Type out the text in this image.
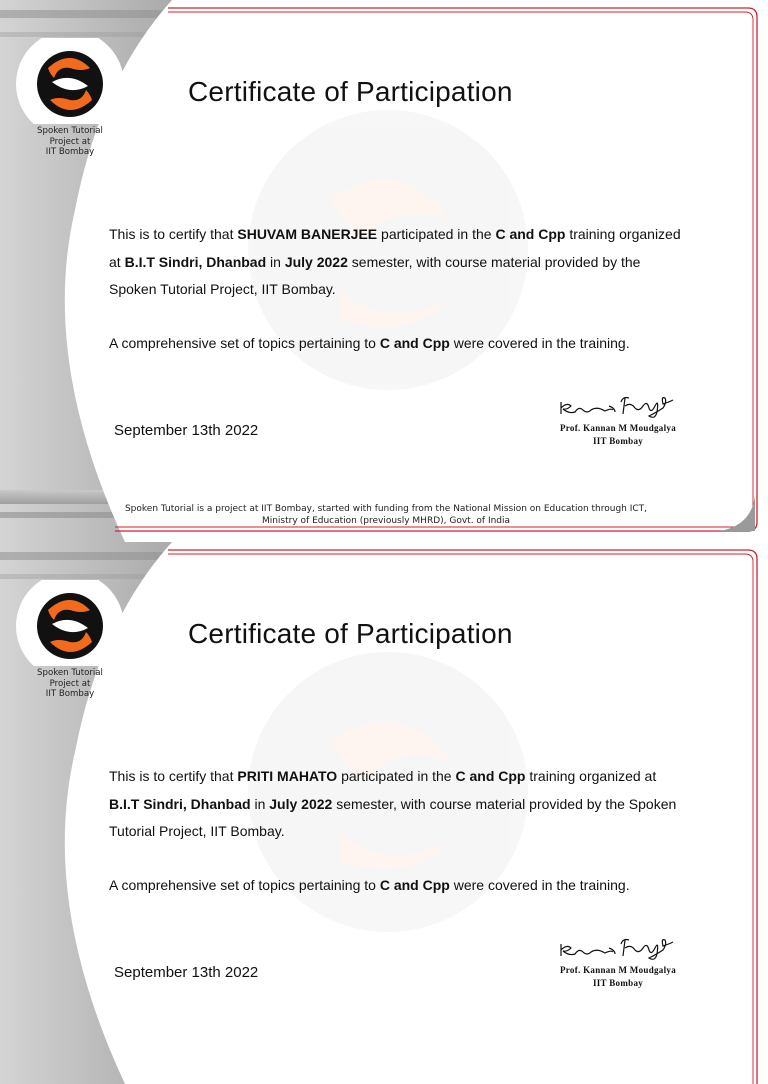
Spoken Tutorial
Project at
IIT Bombay
Certificate of Participation

This is to certify that SHUVAM BANERJEE participated in the C and Cpp training organized at B.I.T Sindri, Dhanbad in July 2022 semester, with course material provided by the Spoken Tutorial Project, IIT Bombay.

A comprehensive set of topics pertaining to C and Cpp were covered in the training.

September 13th 2022	Prof. Kannan M Moudgalya
IIT Bombay
Spoken Tutorial is a project at IIT Bombay, started with funding from the National Mission on Education through ICT,
Ministry of Education (previously MHRD), Govt. of India
Spoken Tutorial
Project at
IIT Bombay
Certificate of Participation

This is to certify that PRITI MAHATO participated in the C and Cpp training organized at B.I.T Sindri, Dhanbad in July 2022 semester, with course material provided by the Spoken Tutorial Project, IIT Bombay.

A comprehensive set of topics pertaining to C and Cpp were covered in the training.

September 13th 2022	Prof. Kannan M Moudgalya
IIT Bombay
